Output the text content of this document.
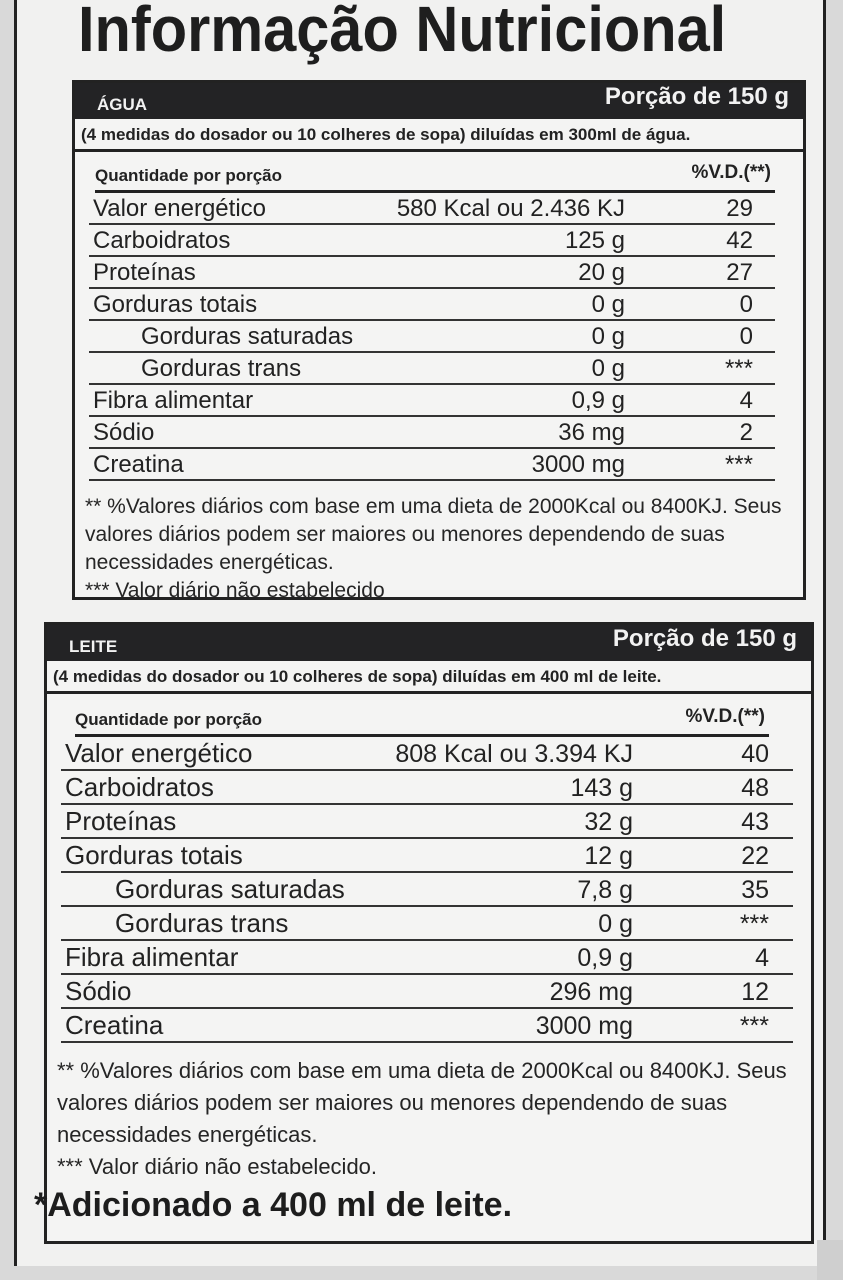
Informação Nutricional
ÁGUA	Porção de 150 g
(4 medidas do dosador ou 10 colheres de sopa) diluídas em 300ml de água.
Quantidade por porção	%V.D.(**)
Valor energético	580 Kcal ou 2.436 KJ	29
Carboidratos	125 g	42
Proteínas	20 g	27
Gorduras totais	0 g	0
Gorduras saturadas	0 g	0
Gorduras trans	0 g	***
Fibra alimentar	0,9 g	4
Sódio	36 mg	2
Creatina	3000 mg	***

** %Valores diários com base em uma dieta de 2000Kcal ou 8400KJ. Seus valores diários podem ser maiores ou menores dependendo de suas necessidades energéticas.

*** Valor diário não estabelecido

LEITE	Porção de 150 g
(4 medidas do dosador ou 10 colheres de sopa) diluídas em 400 ml de leite.
Quantidade por porção	%V.D.(**)
Valor energético	808 Kcal ou 3.394 KJ	40
Carboidratos	143 g	48
Proteínas	32 g	43
Gorduras totais	12 g	22
Gorduras saturadas	7,8 g	35
Gorduras trans	0 g	***
Fibra alimentar	0,9 g	4
Sódio	296 mg	12
Creatina	3000 mg	***

** %Valores diários com base em uma dieta de 2000Kcal ou 8400KJ. Seus valores diários podem ser maiores ou menores dependendo de suas necessidades energéticas.

*** Valor diário não estabelecido.

*Adicionado a 400 ml de leite.
